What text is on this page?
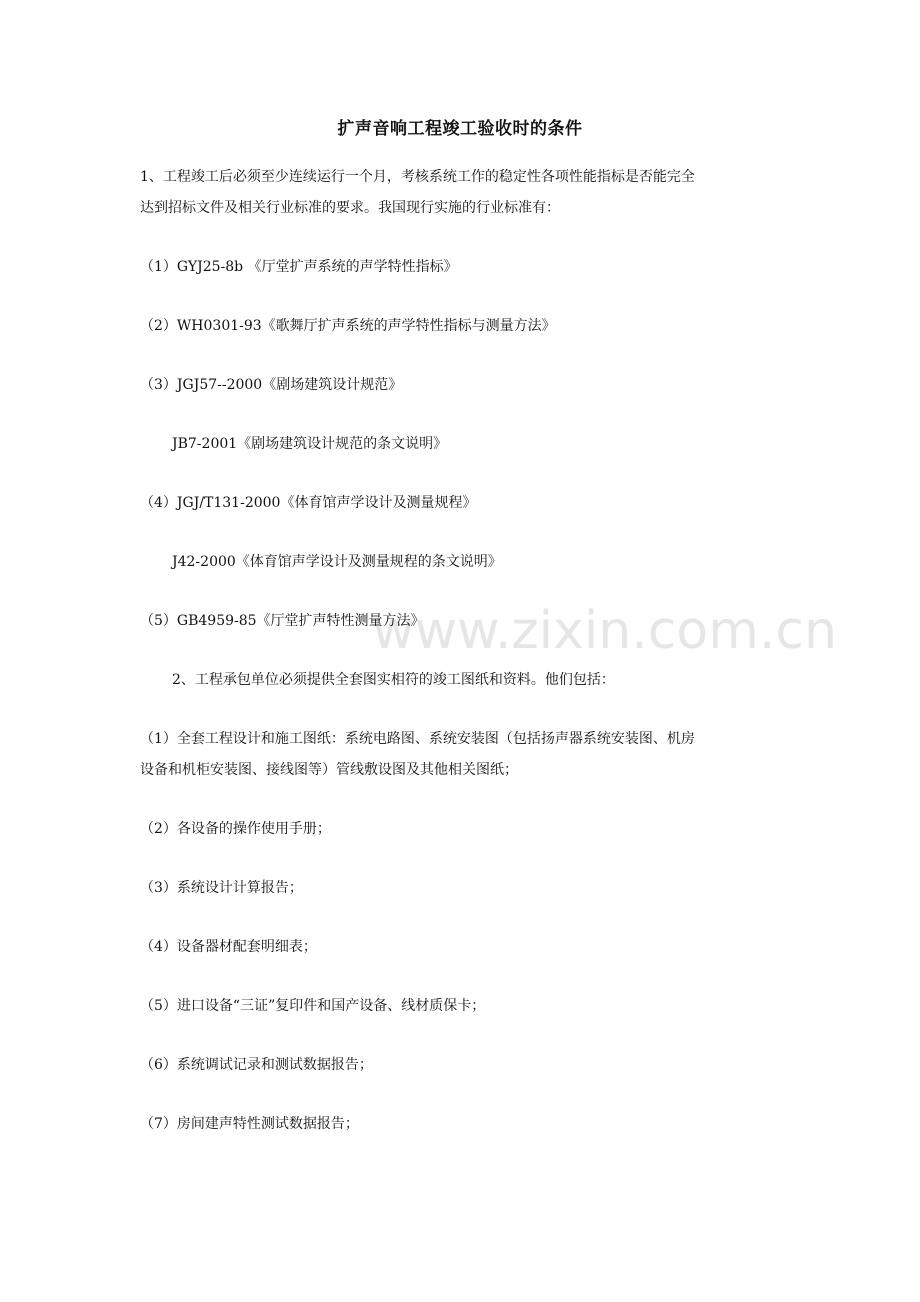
www.zixin.com.cn
扩声音响工程竣工验收时的条件
1、工程竣工后必须至少连续运行一个月，考核系统工作的稳定性各项性能指标是否能完全
达到招标文件及相关行业标准的要求。我国现行实施的行业标准有：
（1）GYJ25-8b 《厅堂扩声系统的声学特性指标》
（2）WH0301-93《歌舞厅扩声系统的声学特性指标与测量方法》
（3）JGJ57--2000《剧场建筑设计规范》
JB7-2001《剧场建筑设计规范的条文说明》
（4）JGJ/T131-2000《体育馆声学设计及测量规程》
J42-2000《体育馆声学设计及测量规程的条文说明》
（5）GB4959-85《厅堂扩声特性测量方法》
2、工程承包单位必须提供全套图实相符的竣工图纸和资料。他们包括：
（1）全套工程设计和施工图纸：系统电路图、系统安装图（包括扬声器系统安装图、机房
设备和机柜安装图、接线图等）管线敷设图及其他相关图纸；
（2）各设备的操作使用手册；
（3）系统设计计算报告；
（4）设备器材配套明细表；
（5）进口设备“三证”复印件和国产设备、线材质保卡；
（6）系统调试记录和测试数据报告；
（7）房间建声特性测试数据报告；
